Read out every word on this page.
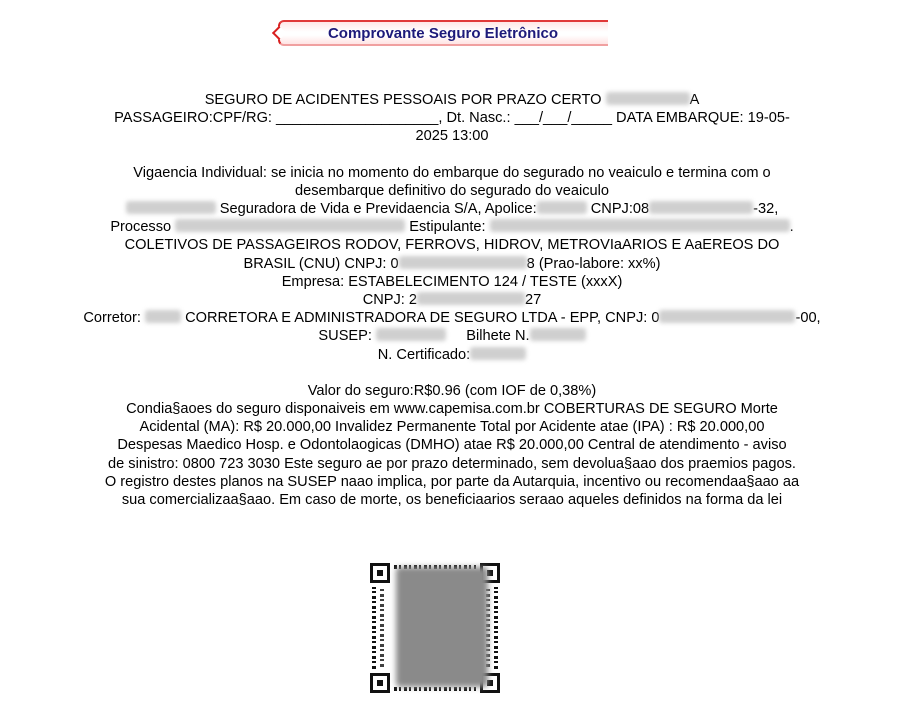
Comprovante Seguro Eletrônico
SEGURO DE ACIDENTES PESSOAIS POR PRAZO CERTO	A
PASSAGEIRO:CPF/RG: ____________________, Dt. Nasc.: ___/___/_____ DATA EMBARQUE: 19-05-
2025 13:00
Vigaencia Individual: se inicia no momento do embarque do segurado no veaiculo e termina com o
desembarque definitivo do segurado do veaiculo
Seguradora de Vida e Previdaencia S/A, Apolice:	CNPJ:08	-32,
Processo	Estipulante:	.
COLETIVOS DE PASSAGEIROS RODOV, FERROVS, HIDROV, METROVIaARIOS E AaEREOS DO
BRASIL (CNU) CNPJ: 0	8 (Prao-labore: xx%)
Empresa: ESTABELECIMENTO 124 / TESTE (xxxX)
CNPJ: 2	27
Corretor:	CORRETORA E ADMINISTRADORA DE SEGURO LTDA - EPP, CNPJ: 0	-00,
SUSEP:	Bilhete N.
N. Certificado:
Valor do seguro:R$0.96 (com IOF de 0,38%)
Condia§aoes do seguro disponaiveis em www.capemisa.com.br COBERTURAS DE SEGURO Morte
Acidental (MA): R$ 20.000,00 Invalidez Permanente Total por Acidente atae (IPA) : R$ 20.000,00
Despesas Maedico Hosp. e Odontolaogicas (DMHO) atae R$ 20.000,00 Central de atendimento - aviso
de sinistro: 0800 723 3030 Este seguro ae por prazo determinado, sem devolua§aao dos praemios pagos.
O registro destes planos na SUSEP naao implica, por parte da Autarquia, incentivo ou recomendaa§aao aa
sua comercializaa§aao. Em caso de morte, os beneficiaarios seraao aqueles definidos na forma da lei
